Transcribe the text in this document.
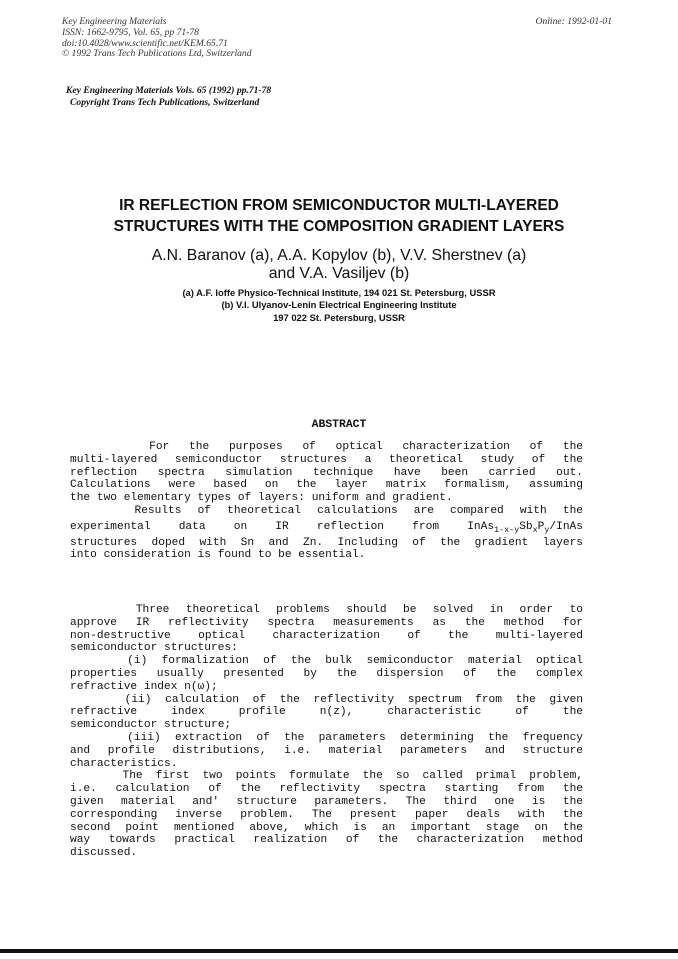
Key Engineering Materials
ISSN: 1662-9795, Vol. 65, pp 71-78
doi:10.4028/www.scientific.net/KEM.65.71
© 1992 Trans Tech Publications Ltd, Switzerland
Online: 1992-01-01
Key Engineering Materials Vols. 65 (1992) pp.71-78
Copyright Trans Tech Publications, Switzerland
IR REFLECTION FROM SEMICONDUCTOR MULTI-LAYERED
STRUCTURES WITH THE COMPOSITION GRADIENT LAYERS
A.N. Baranov (a), A.A. Kopylov (b), V.V. Sherstnev (a)
and V.A. Vasiljev (b)
(a) A.F. Ioffe Physico-Technical Institute, 194 021 St. Petersburg, USSR
(b) V.I. Ulyanov-Lenin Electrical Engineering Institute
197 022 St. Petersburg, USSR
ABSTRACT
For the purposes of optical characterization of the
multi-layered semiconductor structures a theoretical study of the
reflection spectra simulation technique have been carried out.
Calculations were based on the layer matrix formalism, assuming
the two elementary types of layers: uniform and gradient.
Results of theoretical calculations are compared with the
experimental data on IR reflection from	$InAs_{1-x-y}Sb_xP_y$/InAs
structures doped with Sn and Zn. Including of the gradient layers
into consideration is found to be essential.
Three theoretical problems should be solved in order to
approve IR reflectivity spectra measurements as the method for
non-destructive optical characterization of the multi-layered
semiconductor structures:
(i) formalization of the bulk semiconductor material optical
properties usually presented by the dispersion of the complex
refractive index n(ω);
(ii) calculation of the reflectivity spectrum from the given
refractive index profile n(z), characteristic of the
semiconductor structure;
(iii) extraction of the parameters determining the frequency
and profile distributions, i.e. material parameters and structure
characteristics.
The first two points formulate the so called primal problem,
i.e. calculation of the reflectivity spectra starting from the
given material and' structure parameters. The third one is the
corresponding inverse problem. The present paper deals with the
second point mentioned above, which is an important stage on the
way towards practical realization of the characterization method
discussed.
